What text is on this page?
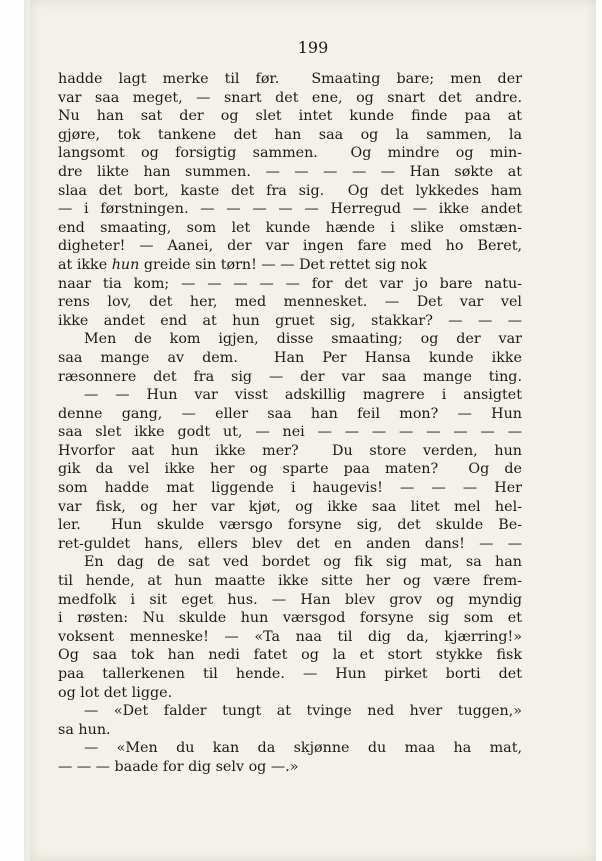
199
hadde lagt merke til før.  Smaating bare; men der
var saa meget, — snart det ene, og snart det andre.
Nu han sat der og slet intet kunde finde paa at
gjøre, tok tankene det han saa og la sammen, la
langsomt og forsigtig sammen.  Og mindre og min-
dre likte han summen. — — — — — Han søkte at
slaa det bort, kaste det fra sig.  Og det lykkedes ham
— i førstningen. — — — — — Herregud — ikke andet
end smaating, som let kunde hænde i slike omstæn-
digheter! — Aanei, der var ingen fare med ho Beret,
at ikke hun greide sin tørn! — — Det rettet sig nok
naar tia kom; — — — — — for det var jo bare natu-
rens lov, det her, med mennesket. — Det var vel
ikke andet end at hun gruet sig, stakkar? — — —
Men de kom igjen, disse smaating; og der var
saa mange av dem.  Han Per Hansa kunde ikke
ræsonnere det fra sig — der var saa mange ting.
— — Hun var visst adskillig magrere i ansigtet
denne gang, — eller saa han feil mon? — Hun
saa slet ikke godt ut, — nei — — — — — — — —
Hvorfor aat hun ikke mer?  Du store verden, hun
gik da vel ikke her og sparte paa maten?  Og de
som hadde mat liggende i haugevis! — — — Her
var fisk, og her var kjøt, og ikke saa litet mel hel-
ler.  Hun skulde værsgo forsyne sig, det skulde Be-
ret-guldet hans, ellers blev det en anden dans! — —
En dag de sat ved bordet og fik sig mat, sa han
til hende, at hun maatte ikke sitte her og være frem-
medfolk i sit eget hus. — Han blev grov og myndig
i røsten: Nu skulde hun værsgod forsyne sig som et
voksent menneske! — «Ta naa til dig da, kjærring!»
Og saa tok han nedi fatet og la et stort stykke fisk
paa tallerkenen til hende. — Hun pirket borti det
og lot det ligge.
— «Det falder tungt at tvinge ned hver tuggen,»
sa hun.
— «Men du kan da skjønne du maa ha mat,
— — — baade for dig selv og —.»
